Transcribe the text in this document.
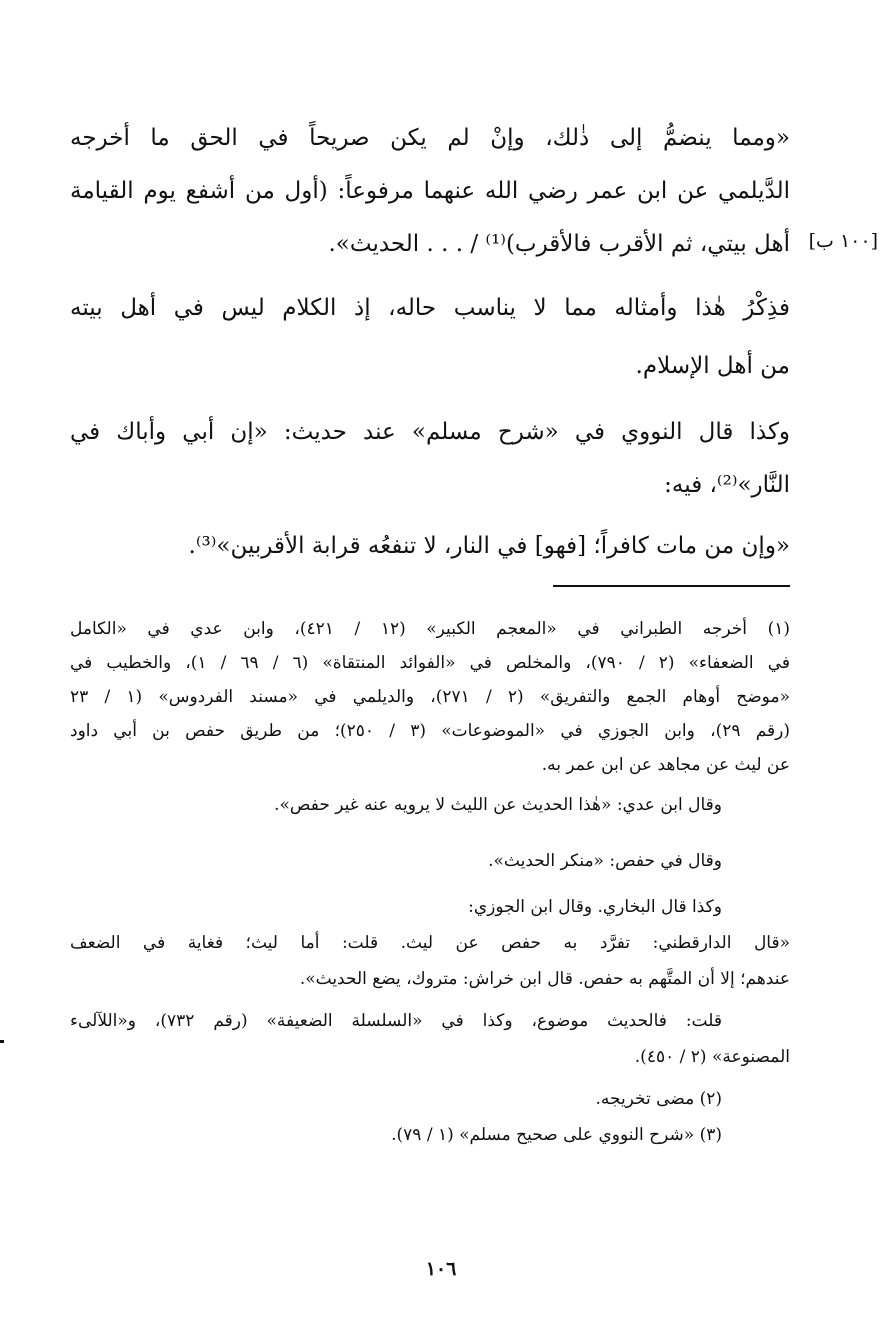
«ومما ينضمُّ إلى ذٰلك، وإنْ لم يكن صريحاً في الحق ما أخرجه
الدَّيلمي عن ابن عمر رضي الله عنهما مرفوعاً: (أول من أشفع يوم القيامة
أهل بيتي، ثم الأقرب فالأقرب)⁽¹⁾ / . . . الحديث».
فذِكْرُ هٰذا وأمثاله مما لا يناسب حاله، إذ الكلام ليس في أهل بيته
من أهل الإسلام.
وكذا قال النووي في «شرح مسلم» عند حديث: «إن أبي وأباك في
النَّار»⁽²⁾، فيه:
«وإن من مات كافراً؛ [فهو] في النار، لا تنفعُه قرابة الأقربين»⁽³⁾.
[١٠٠ ب]
(١) أخرجه الطبراني في «المعجم الكبير» (١٢ / ٤٢١)، وابن عدي في «الكامل
في الضعفاء» (٢ / ٧٩٠)، والمخلص في «الفوائد المنتقاة» (٦ / ٦٩ / ١)، والخطيب في
«موضح أوهام الجمع والتفريق» (٢ / ٢٧١)، والديلمي في «مسند الفردوس» (١ / ٢٣
(رقم ٢٩)، وابن الجوزي في «الموضوعات» (٣ / ٢٥٠)؛ من طريق حفص بن أبي داود
عن ليث عن مجاهد عن ابن عمر به.
وقال ابن عدي: «هٰذا الحديث عن الليث لا يرويه عنه غير حفص».
وقال في حفص: «منكر الحديث».
وكذا قال البخاري. وقال ابن الجوزي:
«قال الدارقطني: تفرَّد به حفص عن ليث. قلت: أما ليث؛ فغاية في الضعف
عندهم؛ إلا أن المتَّهم به حفص. قال ابن خراش: متروك، يضع الحديث».
قلت: فالحديث موضوع، وكذا في «السلسلة الضعيفة» (رقم ٧٣٢)، و«اللآلىء
المصنوعة» (٢ / ٤٥٠).
(٢) مضى تخريجه.
(٣) «شرح النووي على صحيح مسلم» (١ / ٧٩).
١٠٦
